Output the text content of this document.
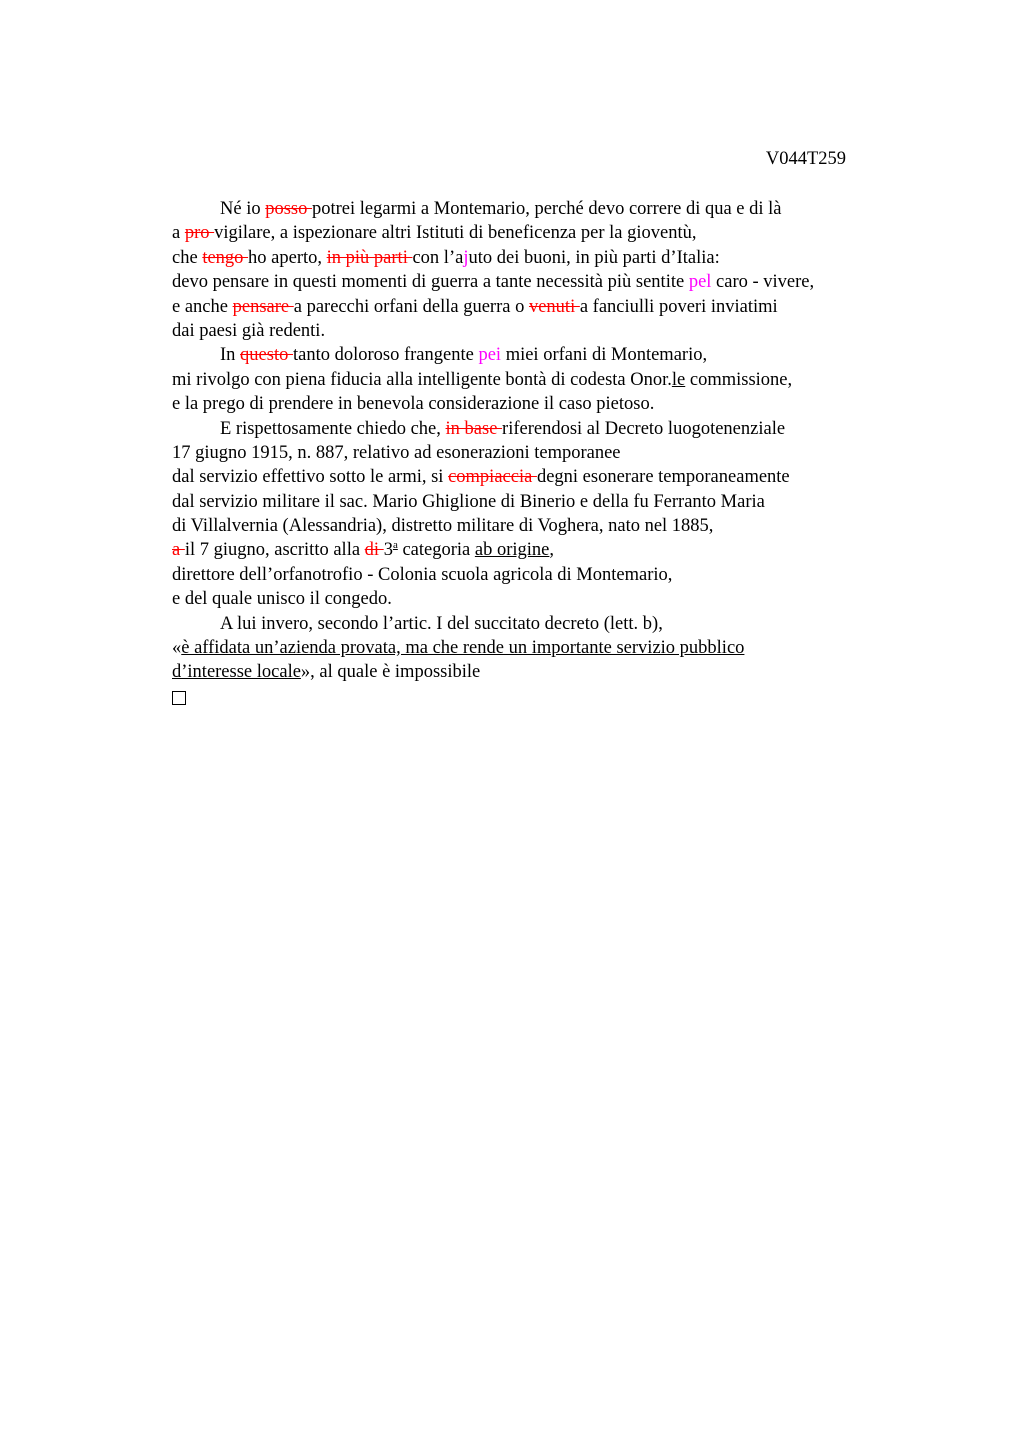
V044T259
Né io posso potrei legarmi a Montemario, perché devo correre di qua e di là
a pro vigilare, a ispezionare altri Istituti di beneficenza per la gioventù,
che tengo ho aperto, in più parti con l’ajuto dei buoni, in più parti d’Italia:
devo pensare in questi momenti di guerra a tante necessità più sentite pel caro - vivere,
e anche pensare a parecchi orfani della guerra o venuti a fanciulli poveri inviatimi
dai paesi già redenti.
In questo tanto doloroso frangente pei miei orfani di Montemario,
mi rivolgo con piena fiducia alla intelligente bontà di codesta Onor.le commissione,
e la prego di prendere in benevola considerazione il caso pietoso.
E rispettosamente chiedo che, in base riferendosi al Decreto luogotenenziale
17 giugno 1915, n. 887, relativo ad esonerazioni temporanee
dal servizio effettivo sotto le armi, si compiaccia degni esonerare temporaneamente
dal servizio militare il sac. Mario Ghiglione di Binerio e della fu Ferranto Maria
di Villalvernia (Alessandria), distretto militare di Voghera, nato nel 1885,
a il 7 giugno, ascritto alla di 3$^a$ categoria ab origine,
direttore dell’orfanotrofio - Colonia scuola agricola di Montemario,
e del quale unisco il congedo.
A lui invero, secondo l’artic. I del succitato decreto (lett. b),
«è affidata un’azienda provata, ma che rende un importante servizio pubblico
d’interesse locale», al quale è impossibile
